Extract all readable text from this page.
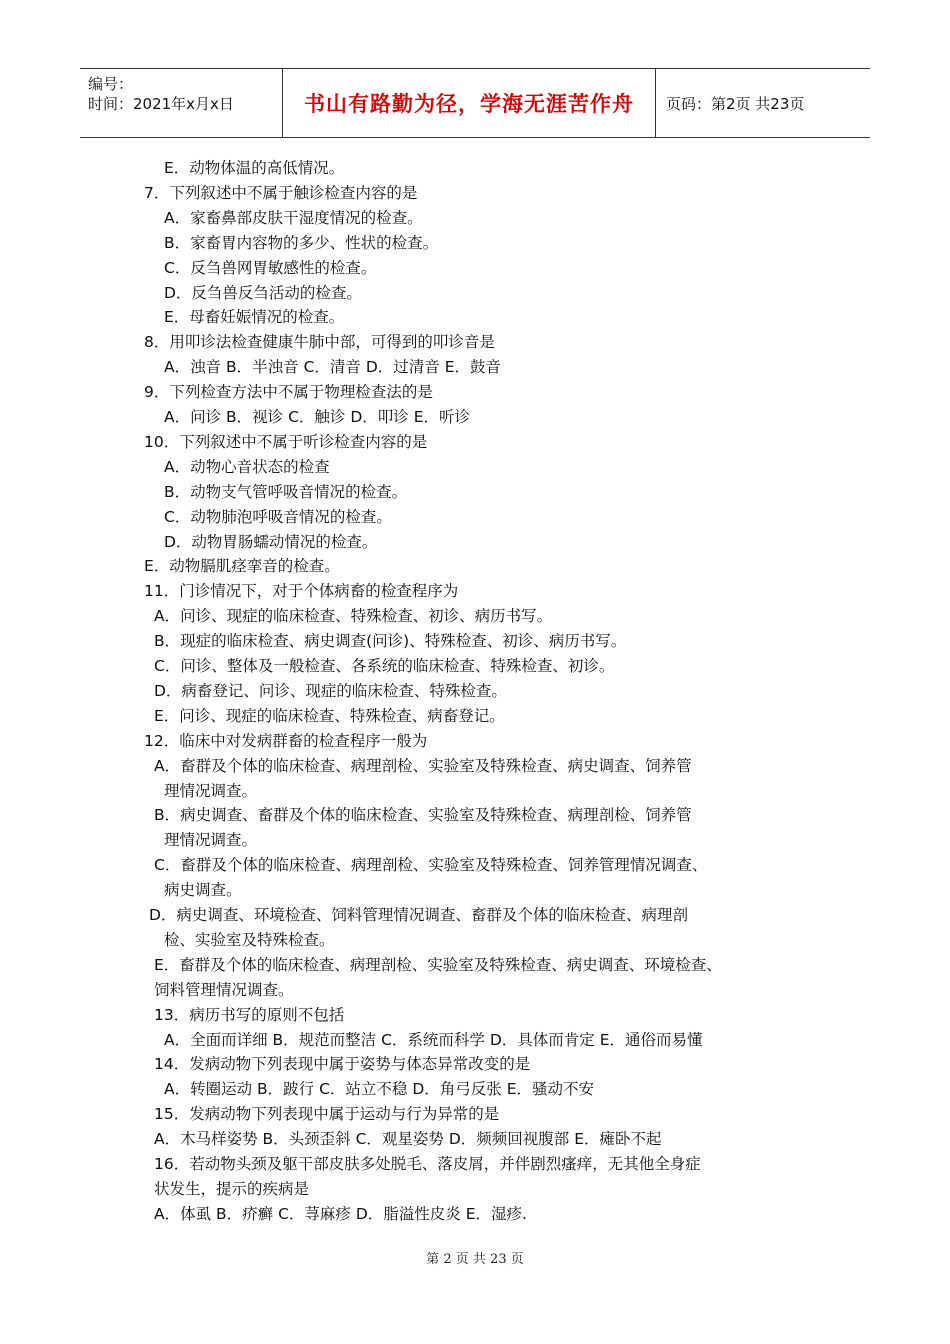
编号：
时间：2021年x月x日	书山有路勤为径，学海无涯苦作舟	页码：第2页 共23页
E．动物体温的高低情况。
7．下列叙述中不属于触诊检查内容的是
A．家畜鼻部皮肤干湿度情况的检查。
B．家畜胃内容物的多少、性状的检查。
C．反刍兽网胃敏感性的检查。
D．反刍兽反刍活动的检查。
E．母畜妊娠情况的检查。
8．用叩诊法检查健康牛肺中部，可得到的叩诊音是
A．浊音 B．半浊音 C．清音 D．过清音 E．鼓音
9．下列检查方法中不属于物理检查法的是
A．问诊 B．视诊 C．触诊 D．叩诊 E．听诊
10．下列叙述中不属于听诊检查内容的是
A．动物心音状态的检查
B．动物支气管呼吸音情况的检查。
C．动物肺泡呼吸音情况的检查。
D．动物胃肠蠕动情况的检查。
E．动物膈肌痉挛音的检查。
11．门诊情况下，对于个体病畜的检查程序为
A．问诊、现症的临床检查、特殊检查、初诊、病历书写。
B．现症的临床检查、病史调查(问诊)、特殊检查、初诊、病历书写。
C．问诊、整体及一般检查、各系统的临床检查、特殊检查、初诊。
D．病畜登记、问诊、现症的临床检查、特殊检查。
E．问诊、现症的临床检查、特殊检查、病畜登记。
12．临床中对发病群畜的检查程序一般为
A．畜群及个体的临床检查、病理剖检、实验室及特殊检查、病史调查、饲养管
理情况调查。
B．病史调查、畜群及个体的临床检查、实验室及特殊检查、病理剖检、饲养管
理情况调查。
C．畜群及个体的临床检查、病理剖检、实验室及特殊检查、饲养管理情况调查、
病史调查。
D．病史调查、环境检查、饲料管理情况调查、畜群及个体的临床检查、病理剖
检、实验室及特殊检查。
E．畜群及个体的临床检查、病理剖检、实验室及特殊检查、病史调查、环境检查、
饲料管理情况调查。
13．病历书写的原则不包括
A．全面而详细 B．规范而整洁 C．系统而科学 D．具体而肯定 E．通俗而易懂
14．发病动物下列表现中属于姿势与体态异常改变的是
A．转圈运动 B．跛行 C．站立不稳 D．角弓反张 E．骚动不安
15．发病动物下列表现中属于运动与行为异常的是
A．木马样姿势 B．头颈歪斜 C．观星姿势 D．频频回视腹部 E．瘫卧不起
16．若动物头颈及躯干部皮肤多处脱毛、落皮屑，并伴剧烈瘙痒，无其他全身症
状发生，提示的疾病是
A．体虱 B．疥癣 C．荨麻疹 D．脂溢性皮炎 E．湿疹.
第 2 页 共 23 页
